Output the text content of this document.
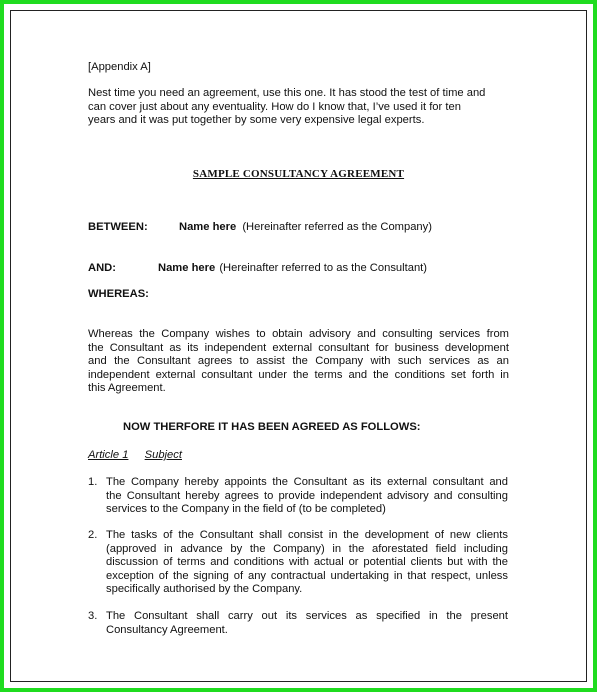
[Appendix A]
Nest time you need an agreement, use this one. It has stood the test of time and
can cover just about any eventuality. How do I know that, I’ve used it for ten
years and it was put together by some very expensive legal experts.
SAMPLE CONSULTANCY AGREEMENT
BETWEEN:	Name here (Hereinafter referred as the Company)
AND:	Name here (Hereinafter referred to as the Consultant)
WHEREAS:
Whereas the Company wishes to obtain advisory and consulting services from
the Consultant as its independent external consultant for business development
and the Consultant agrees to assist the Company with such services as an
independent external consultant under the terms and the conditions set forth in
this Agreement.
NOW THERFORE IT HAS BEEN AGREED AS FOLLOWS:
Article 1 Subject
1. The Company hereby appoints the Consultant as its external consultant and
the Consultant hereby agrees to provide independent advisory and consulting
services to the Company in the field of (to be completed)
2. The tasks of the Consultant shall consist in the development of new clients
(approved in advance by the Company) in the aforestated field including
discussion of terms and conditions with actual or potential clients but with the
exception of the signing of any contractual undertaking in that respect, unless
specifically authorised by the Company.
3. The Consultant shall carry out its services as specified in the present
Consultancy Agreement.
